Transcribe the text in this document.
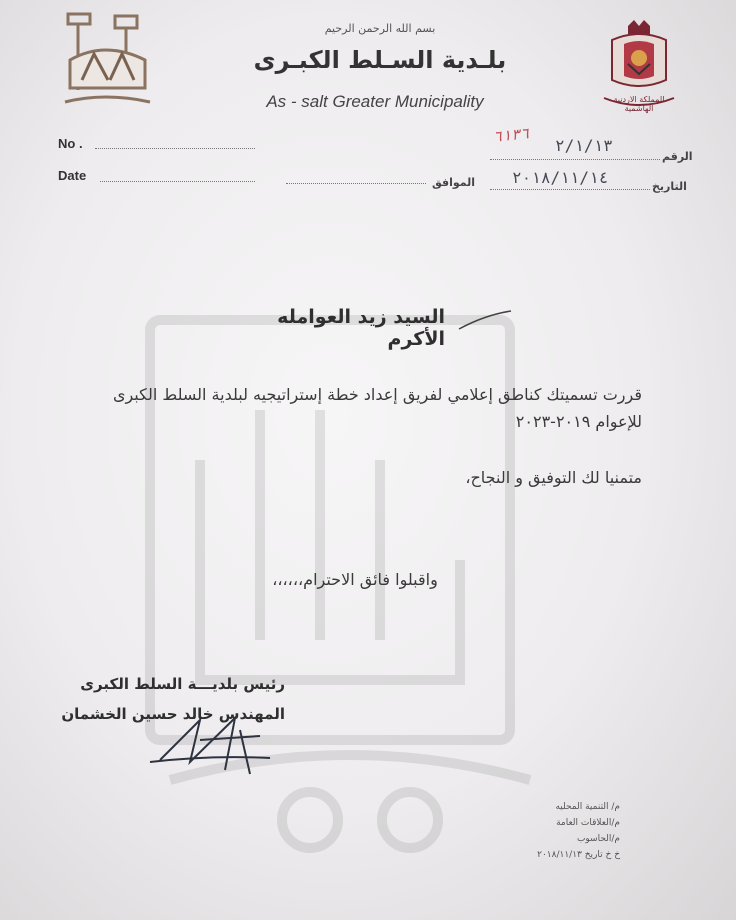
المملكة الاردنية الهاشمية
بسم الله الرحمن الرحيم
بلـدية السـلط الكبـرى
As - salt Greater Municipality
No .
Date	الموافق
الرقم
التاريخ
٢/١/١٣
٦١٣٦
٢٠١٨/١١/١٤
السيد زيد العوامله الأكرم
قررت تسميتك كناطق إعلامي لفريق إعداد خطة إستراتيجيه لبلدية السلط الكبرى للإعوام ٢٠١٩-٢٠٢٣
متمنيا لك التوفيق و النجاح،
واقبلوا فائق الاحترام،،،،،،
رئيس بلديـــة السلط الكبرى
المهندس خالد حسين الخشمان
م/ التنمية المحليه
م/العلاقات العامة
م/الحاسوب
خ خ تاريخ ٢٠١٨/١١/١٣
